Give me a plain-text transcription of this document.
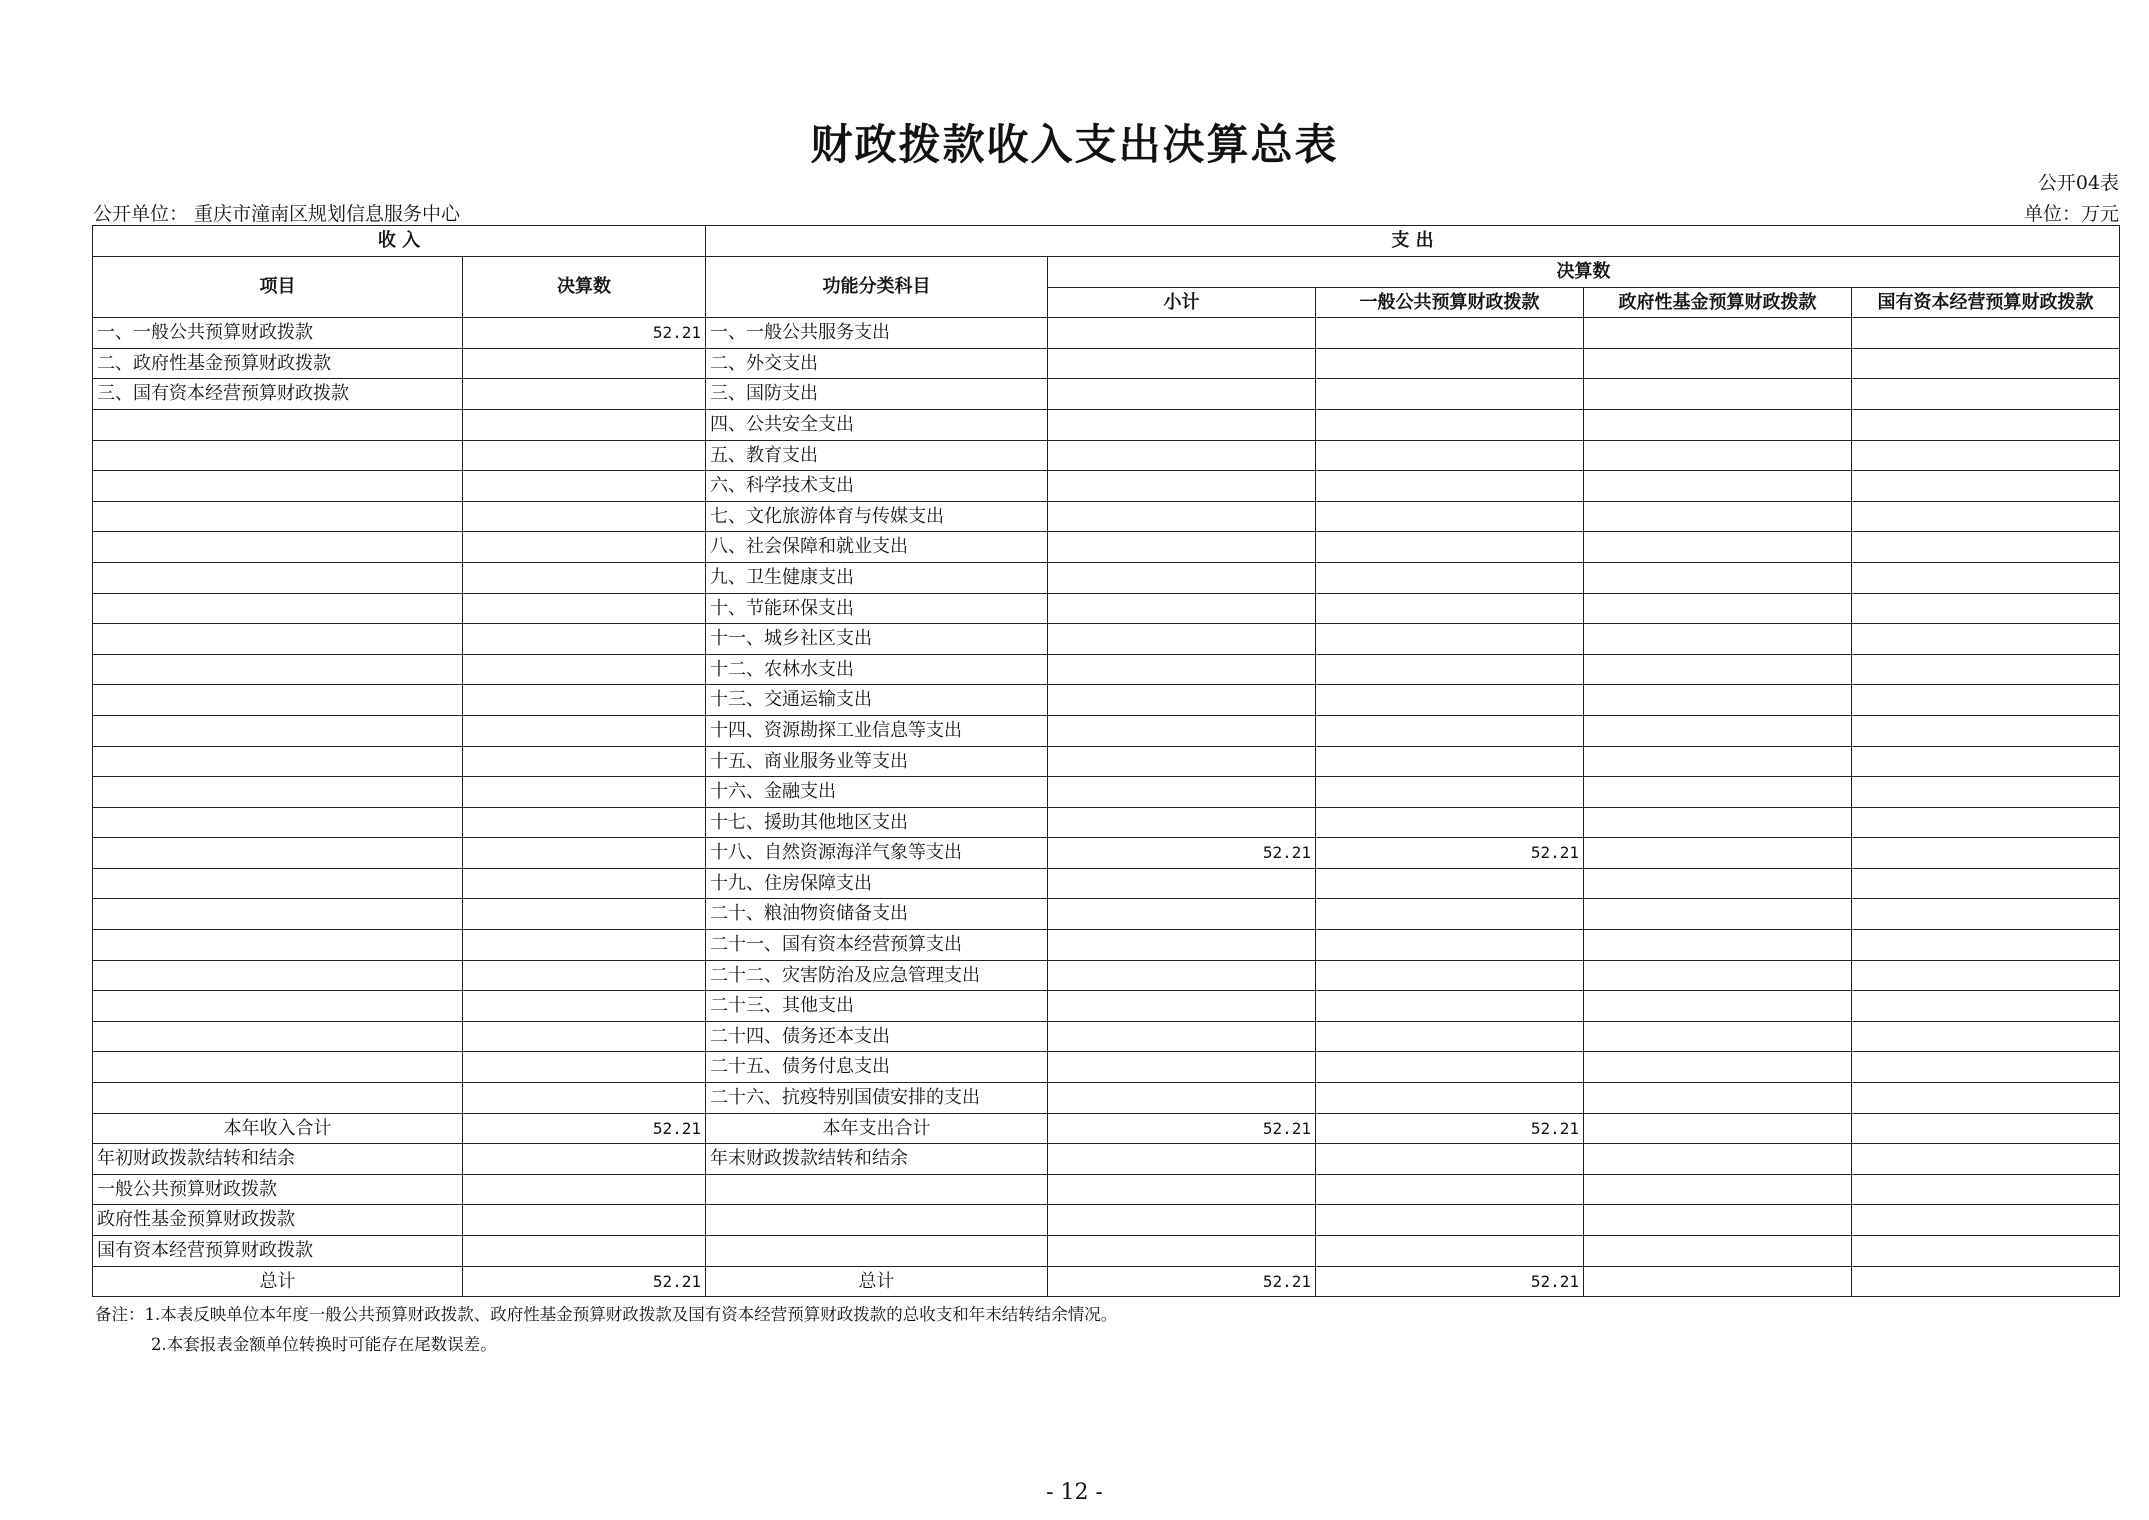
财政拨款收入支出决算总表
公开04表
公开单位： 重庆市潼南区规划信息服务中心	单位：万元
收 入		支 出				
项目	决算数	功能分类科目	决算数			
			小计	一般公共预算财政拨款	政府性基金预算财政拨款	国有资本经营预算财政拨款
一、一般公共预算财政拨款	52.21	一、一般公共服务支出				
二、政府性基金预算财政拨款		二、外交支出				
三、国有资本经营预算财政拨款		三、国防支出				
		四、公共安全支出				
		五、教育支出				
		六、科学技术支出				
		七、文化旅游体育与传媒支出				
		八、社会保障和就业支出				
		九、卫生健康支出				
		十、节能环保支出				
		十一、城乡社区支出				
		十二、农林水支出				
		十三、交通运输支出				
		十四、资源勘探工业信息等支出				
		十五、商业服务业等支出				
		十六、金融支出				
		十七、援助其他地区支出				
		十八、自然资源海洋气象等支出	52.21	52.21		
		十九、住房保障支出				
		二十、粮油物资储备支出				
		二十一、国有资本经营预算支出				
		二十二、灾害防治及应急管理支出				
		二十三、其他支出				
		二十四、债务还本支出				
		二十五、债务付息支出				
		二十六、抗疫特别国债安排的支出				
本年收入合计	52.21	本年支出合计	52.21	52.21		
年初财政拨款结转和结余		年末财政拨款结转和结余				
一般公共预算财政拨款						
政府性基金预算财政拨款						
国有资本经营预算财政拨款						
总计	52.21	总计	52.21	52.21		
备注：1.本表反映单位本年度一般公共预算财政拨款、政府性基金预算财政拨款及国有资本经营预算财政拨款的总收支和年末结转结余情况。
2.本套报表金额单位转换时可能存在尾数误差。
- 12 -
